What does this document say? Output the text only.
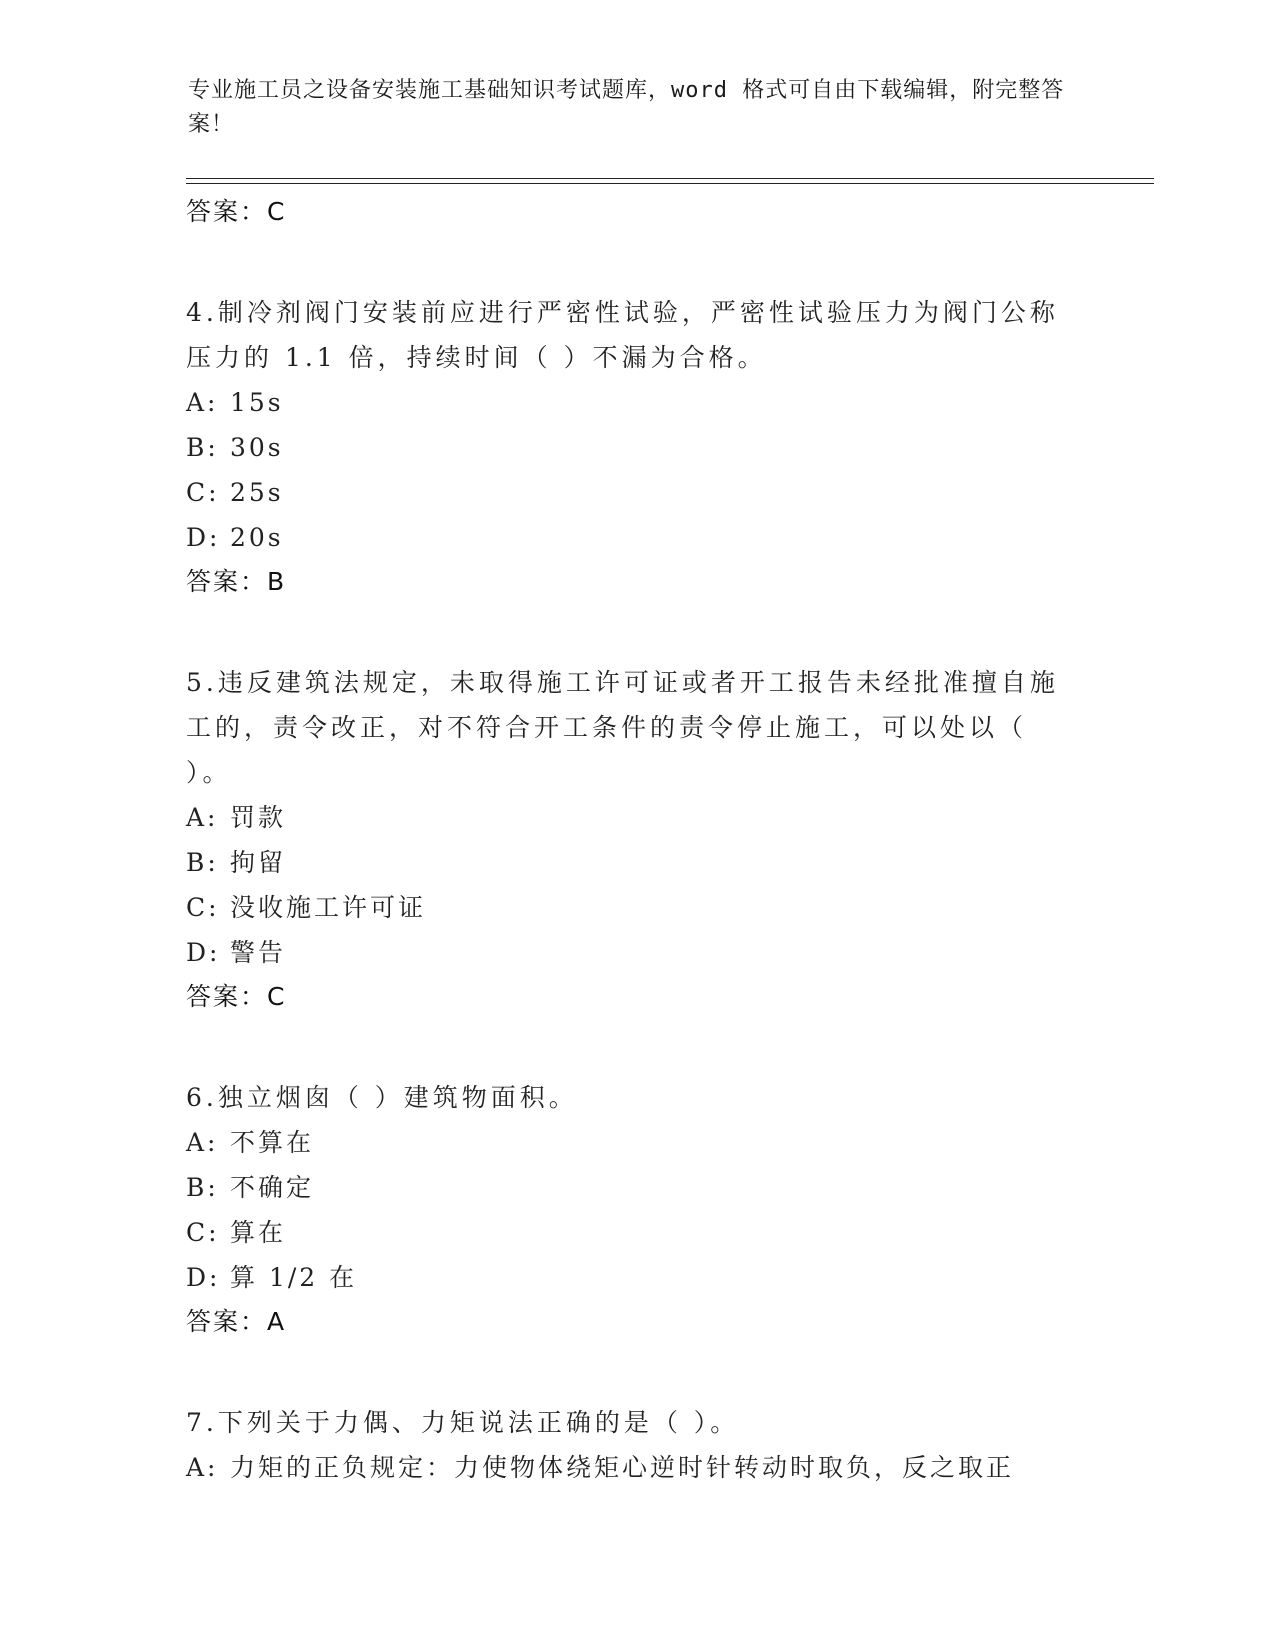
专业施工员之设备安装施工基础知识考试题库，word 格式可自由下载编辑，附完整答案！
答案：C
4.制冷剂阀门安装前应进行严密性试验，严密性试验压力为阀门公称压力的 1.1 倍，持续时间（ ）不漏为合格。
A: 15s
B: 30s
C: 25s
D: 20s
答案：B
5.违反建筑法规定，未取得施工许可证或者开工报告未经批准擅自施工的，责令改正，对不符合开工条件的责令停止施工，可以处以（ ）。
A: 罚款
B: 拘留
C: 没收施工许可证
D: 警告
答案：C
6.独立烟囱（ ）建筑物面积。
A: 不算在
B: 不确定
C: 算在
D: 算 1/2 在
答案：A
7.下列关于力偶、力矩说法正确的是（ ）。
A: 力矩的正负规定：力使物体绕矩心逆时针转动时取负，反之取正
